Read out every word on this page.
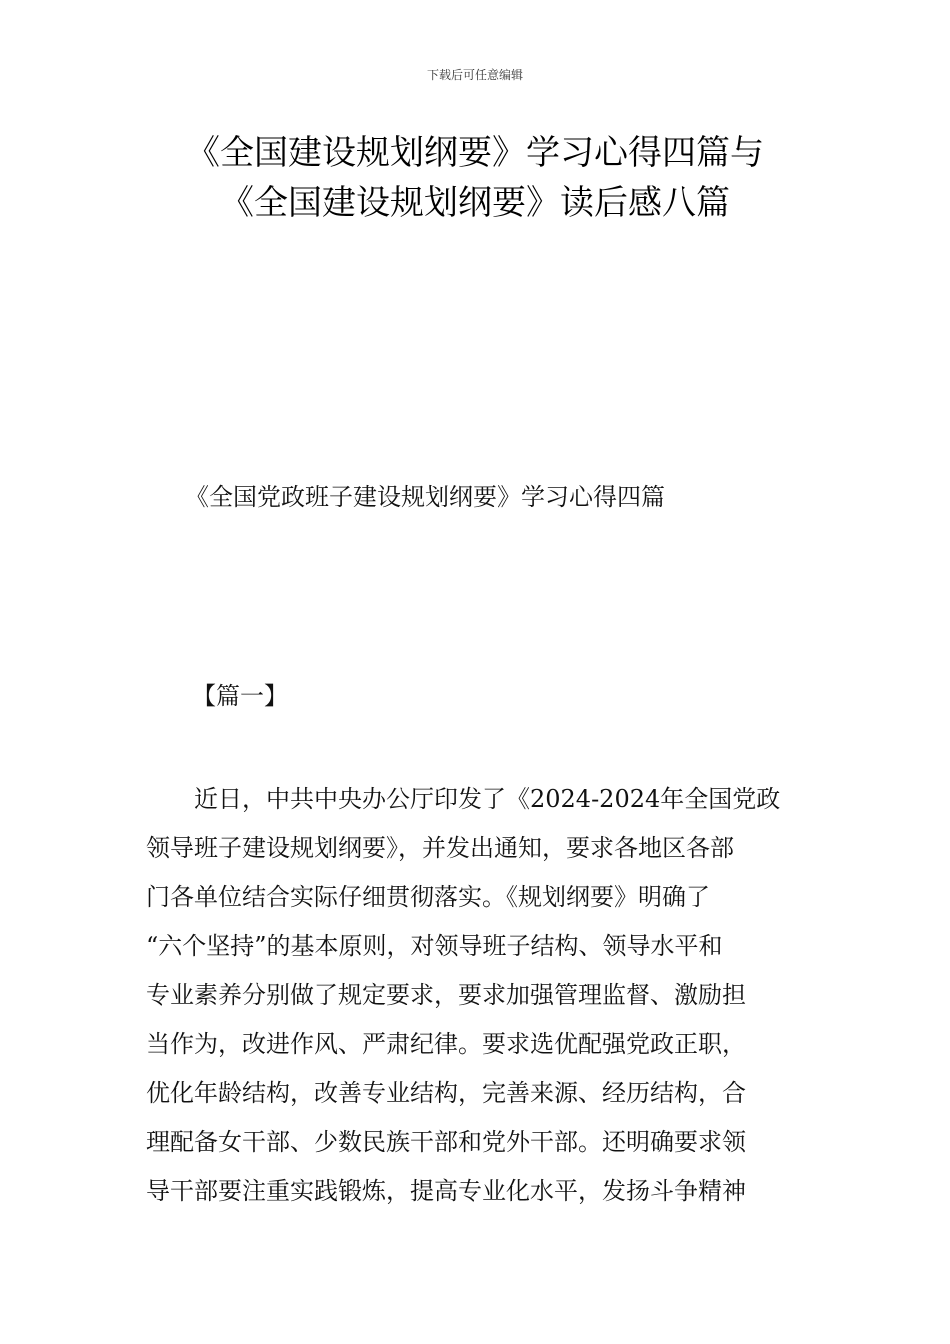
下载后可任意编辑
《全国建设规划纲要》学习心得四篇与
《全国建设规划纲要》读后感八篇
《全国党政班子建设规划纲要》学习心得四篇
【篇一】
　　近日，中共中央办公厅印发了《2024-2024年全国党政
领导班子建设规划纲要》，并发出通知，要求各地区各部
门各单位结合实际仔细贯彻落实。《规划纲要》明确了
“六个坚持”的基本原则，对领导班子结构、领导水平和
专业素养分别做了规定要求，要求加强管理监督、激励担
当作为，改进作风、严肃纪律。要求选优配强党政正职，
优化年龄结构，改善专业结构，完善来源、经历结构，合
理配备女干部、少数民族干部和党外干部。还明确要求领
导干部要注重实践锻炼，提高专业化水平，发扬斗争精神
